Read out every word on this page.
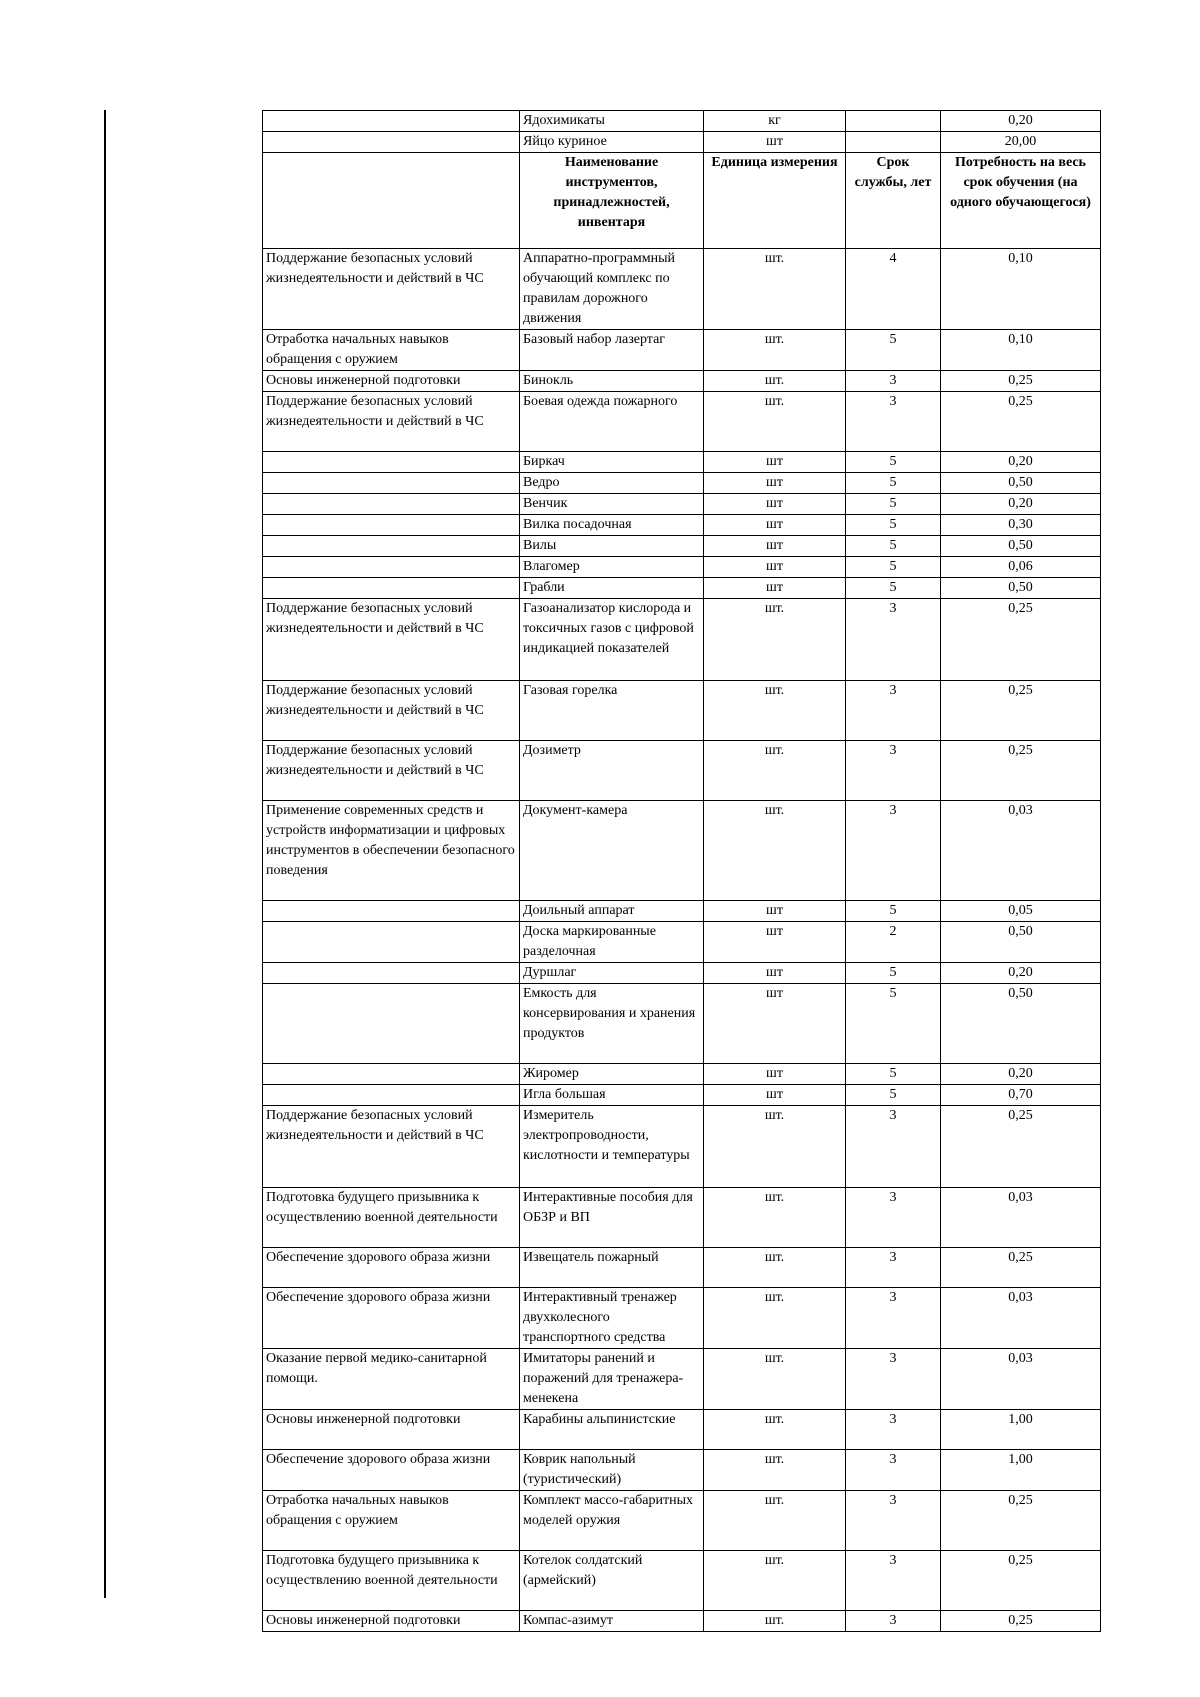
	Ядохимикаты	кг		0,20
	Яйцо куриное	шт		20,00
	Наименование инструментов, принадлежностей, инвентаря	Единица измерения	Срок службы, лет	Потребность на весь срок обучения (на одного обучающегося)
Поддержание безопасных условий жизнедеятельности и действий в ЧС	Аппаратно-программный обучающий комплекс по правилам дорожного движения	шт.	4	0,10
Отработка начальных навыков обращения с оружием	Базовый набор лазертаг	шт.	5	0,10
Основы инженерной подготовки	Бинокль	шт.	3	0,25
Поддержание безопасных условий жизнедеятельности и действий в ЧС	Боевая одежда пожарного	шт.	3	0,25
	Биркач	шт	5	0,20
	Ведро	шт	5	0,50
	Венчик	шт	5	0,20
	Вилка посадочная	шт	5	0,30
	Вилы	шт	5	0,50
	Влагомер	шт	5	0,06
	Грабли	шт	5	0,50
Поддержание безопасных условий жизнедеятельности и действий в ЧС	Газоанализатор кислорода и токсичных газов с цифровой индикацией показателей	шт.	3	0,25
Поддержание безопасных условий жизнедеятельности и действий в ЧС	Газовая горелка	шт.	3	0,25
Поддержание безопасных условий жизнедеятельности и действий в ЧС	Дозиметр	шт.	3	0,25
Применение современных средств и устройств информатизации и цифровых инструментов в обеспечении безопасного поведения	Документ-камера	шт.	3	0,03
	Доильный аппарат	шт	5	0,05
	Доска маркированные разделочная	шт	2	0,50
	Дуршлаг	шт	5	0,20
	Емкость для консервирования и хранения продуктов	шт	5	0,50
	Жиромер	шт	5	0,20
	Игла большая	шт	5	0,70
Поддержание безопасных условий жизнедеятельности и действий в ЧС	Измеритель электропроводности, кислотности и температуры	шт.	3	0,25
Подготовка будущего призывника к осуществлению военной деятельности	Интерактивные пособия для ОБЗР и ВП	шт.	3	0,03
Обеспечение здорового образа жизни	Извещатель пожарный	шт.	3	0,25
Обеспечение здорового образа жизни	Интерактивный тренажер двухколесного транспортного средства	шт.	3	0,03
Оказание первой медико-санитарной помощи.	Имитаторы ранений и поражений для тренажера-менекена	шт.	3	0,03
Основы инженерной подготовки	Карабины альпинистские	шт.	3	1,00
Обеспечение здорового образа жизни	Коврик напольный (туристический)	шт.	3	1,00
Отработка начальных навыков обращения с оружием	Комплект массо-габаритных моделей оружия	шт.	3	0,25
Подготовка будущего призывника к осуществлению военной деятельности	Котелок солдатский (армейский)	шт.	3	0,25
Основы инженерной подготовки	Компас-азимут	шт.	3	0,25
